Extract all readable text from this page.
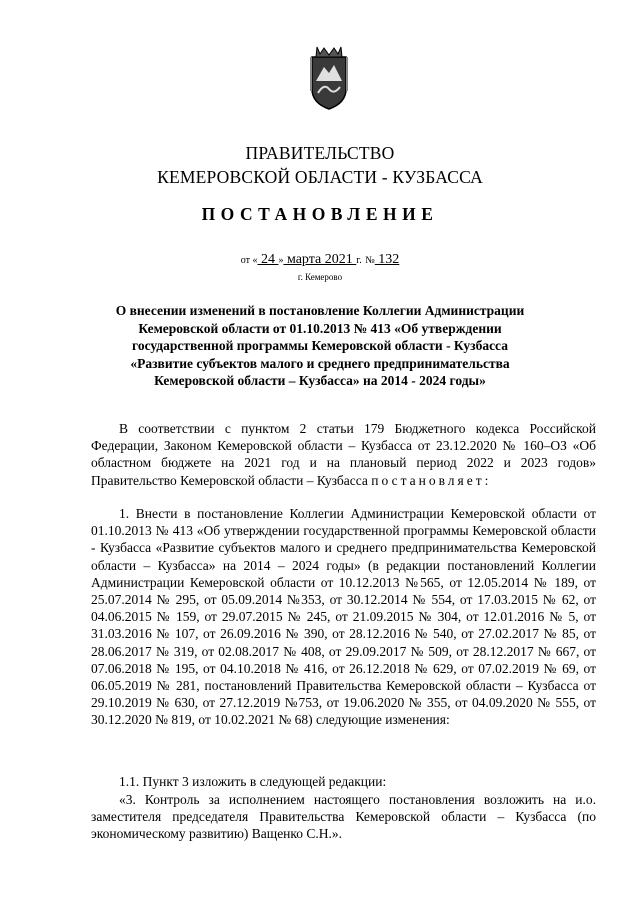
ПРАВИТЕЛЬСТВО
КЕМЕРОВСКОЙ ОБЛАСТИ - КУЗБАССА
ПОСТАНОВЛЕНИЕ
от « 24 » марта 2021 г. № 132
г. Кемерово
О внесении изменений в постановление Коллегии Администрации Кемеровской области от 01.10.2013 № 413 «Об утверждении государственной программы Кемеровской области - Кузбасса «Развитие субъектов малого и среднего предпринимательства Кемеровской области – Кузбасса» на 2014 - 2024 годы»
В соответствии с пунктом 2 статьи 179 Бюджетного кодекса Российской Федерации, Законом Кемеровской области – Кузбасса от 23.12.2020 № 160–ОЗ «Об областном бюджете на 2021 год и на плановый период 2022 и 2023 годов» Правительство Кемеровской области – Кузбасса постановляет:
1. Внести в постановление Коллегии Администрации Кемеровской области от 01.10.2013 № 413 «Об утверждении государственной программы Кемеровской области - Кузбасса «Развитие субъектов малого и среднего предпринимательства Кемеровской области – Кузбасса» на 2014 – 2024 годы» (в редакции постановлений Коллегии Администрации Кемеровской области от 10.12.2013 №565, от 12.05.2014 № 189, от 25.07.2014 № 295, от 05.09.2014 №353, от 30.12.2014 № 554, от 17.03.2015 № 62, от 04.06.2015 № 159, от 29.07.2015 № 245, от 21.09.2015 № 304, от 12.01.2016 № 5, от 31.03.2016 № 107, от 26.09.2016 № 390, от 28.12.2016 № 540, от 27.02.2017 № 85, от 28.06.2017 № 319, от 02.08.2017 № 408, от 29.09.2017 № 509, от 28.12.2017 № 667, от 07.06.2018 № 195, от 04.10.2018 № 416, от 26.12.2018 № 629, от 07.02.2019 № 69, от 06.05.2019 № 281, постановлений Правительства Кемеровской области – Кузбасса от 29.10.2019 № 630, от 27.12.2019 №753, от 19.06.2020 № 355, от 04.09.2020 № 555, от 30.12.2020 № 819, от 10.02.2021 № 68) следующие изменения:
1.1. Пункт 3 изложить в следующей редакции:
«3. Контроль за исполнением настоящего постановления возложить на и.о. заместителя председателя Правительства Кемеровской области – Кузбасса (по экономическому развитию) Ващенко С.Н.».
